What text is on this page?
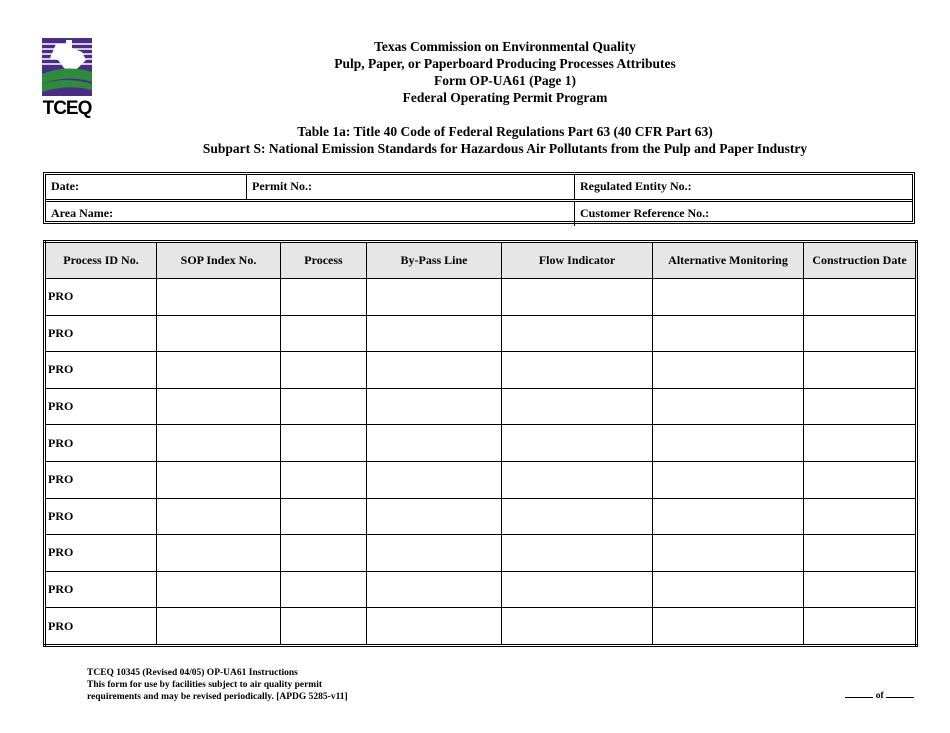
TCEQ
Texas Commission on Environmental Quality
Pulp, Paper, or Paperboard Producing Processes Attributes
Form OP-UA61 (Page 1)
Federal Operating Permit Program
Table 1a: Title 40 Code of Federal Regulations Part 63 (40 CFR Part 63)
Subpart S: National Emission Standards for Hazardous Air Pollutants from the Pulp and Paper Industry
Date:	Permit No.:	Regulated Entity No.:
Area Name:	Customer Reference No.:
Process ID No.	SOP Index No.	Process	By-Pass Line	Flow Indicator	Alternative Monitoring	Construction Date
PRO						
PRO						
PRO						
PRO						
PRO						
PRO						
PRO						
PRO						
PRO						
PRO						
TCEQ 10345 (Revised 04/05) OP-UA61 Instructions
This form for use by facilities subject to air quality permit
requirements and may be revised periodically. [APDG 5285-v11]	of
